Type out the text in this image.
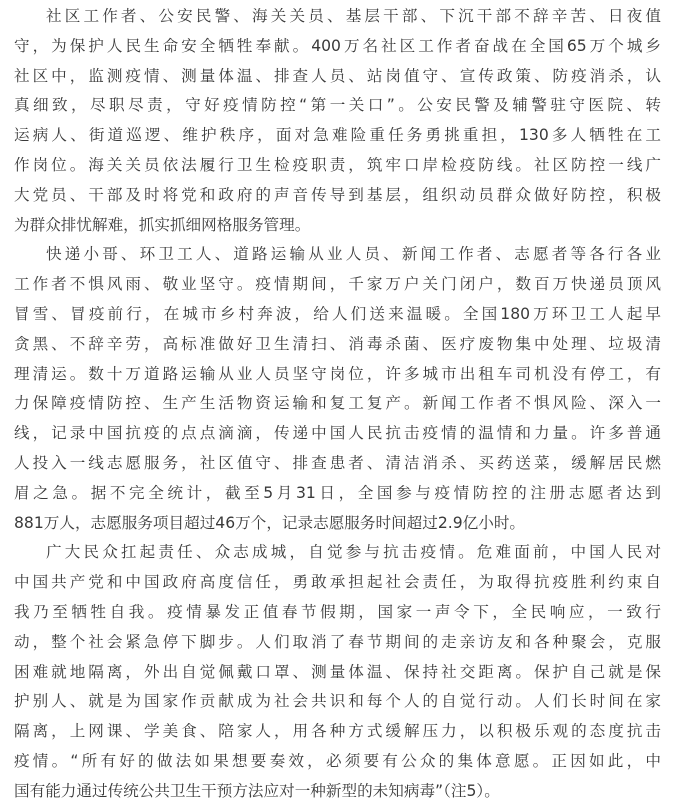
社区工作者、公安民警、海关关员、基层干部、下沉干部不辞辛苦、日夜值
守，为保护人民生命安全牺牲奉献。400万名社区工作者奋战在全国65万个城乡
社区中，监测疫情、测量体温、排查人员、站岗值守、宣传政策、防疫消杀，认
真细致，尽职尽责，守好疫情防控“第一关口”。公安民警及辅警驻守医院、转
运病人、街道巡逻、维护秩序，面对急难险重任务勇挑重担，130多人牺牲在工
作岗位。海关关员依法履行卫生检疫职责，筑牢口岸检疫防线。社区防控一线广
大党员、干部及时将党和政府的声音传导到基层，组织动员群众做好防控，积极
为群众排忧解难，抓实抓细网格服务管理。
快递小哥、环卫工人、道路运输从业人员、新闻工作者、志愿者等各行各业
工作者不惧风雨、敬业坚守。疫情期间，千家万户关门闭户，数百万快递员顶风
冒雪、冒疫前行，在城市乡村奔波，给人们送来温暖。全国180万环卫工人起早
贪黑、不辞辛劳，高标准做好卫生清扫、消毒杀菌、医疗废物集中处理、垃圾清
理清运。数十万道路运输从业人员坚守岗位，许多城市出租车司机没有停工，有
力保障疫情防控、生产生活物资运输和复工复产。新闻工作者不惧风险、深入一
线，记录中国抗疫的点点滴滴，传递中国人民抗击疫情的温情和力量。许多普通
人投入一线志愿服务，社区值守、排查患者、清洁消杀、买药送菜，缓解居民燃
眉之急。据不完全统计，截至5月31日，全国参与疫情防控的注册志愿者达到
881万人，志愿服务项目超过46万个，记录志愿服务时间超过2.9亿小时。
广大民众扛起责任、众志成城，自觉参与抗击疫情。危难面前，中国人民对
中国共产党和中国政府高度信任，勇敢承担起社会责任，为取得抗疫胜利约束自
我乃至牺牲自我。疫情暴发正值春节假期，国家一声令下，全民响应，一致行
动，整个社会紧急停下脚步。人们取消了春节期间的走亲访友和各种聚会，克服
困难就地隔离，外出自觉佩戴口罩、测量体温、保持社交距离。保护自己就是保
护别人、就是为国家作贡献成为社会共识和每个人的自觉行动。人们长时间在家
隔离，上网课、学美食、陪家人，用各种方式缓解压力，以积极乐观的态度抗击
疫情。“所有好的做法如果想要奏效，必须要有公众的集体意愿。正因如此，中
国有能力通过传统公共卫生干预方法应对一种新型的未知病毒”（注5）。
